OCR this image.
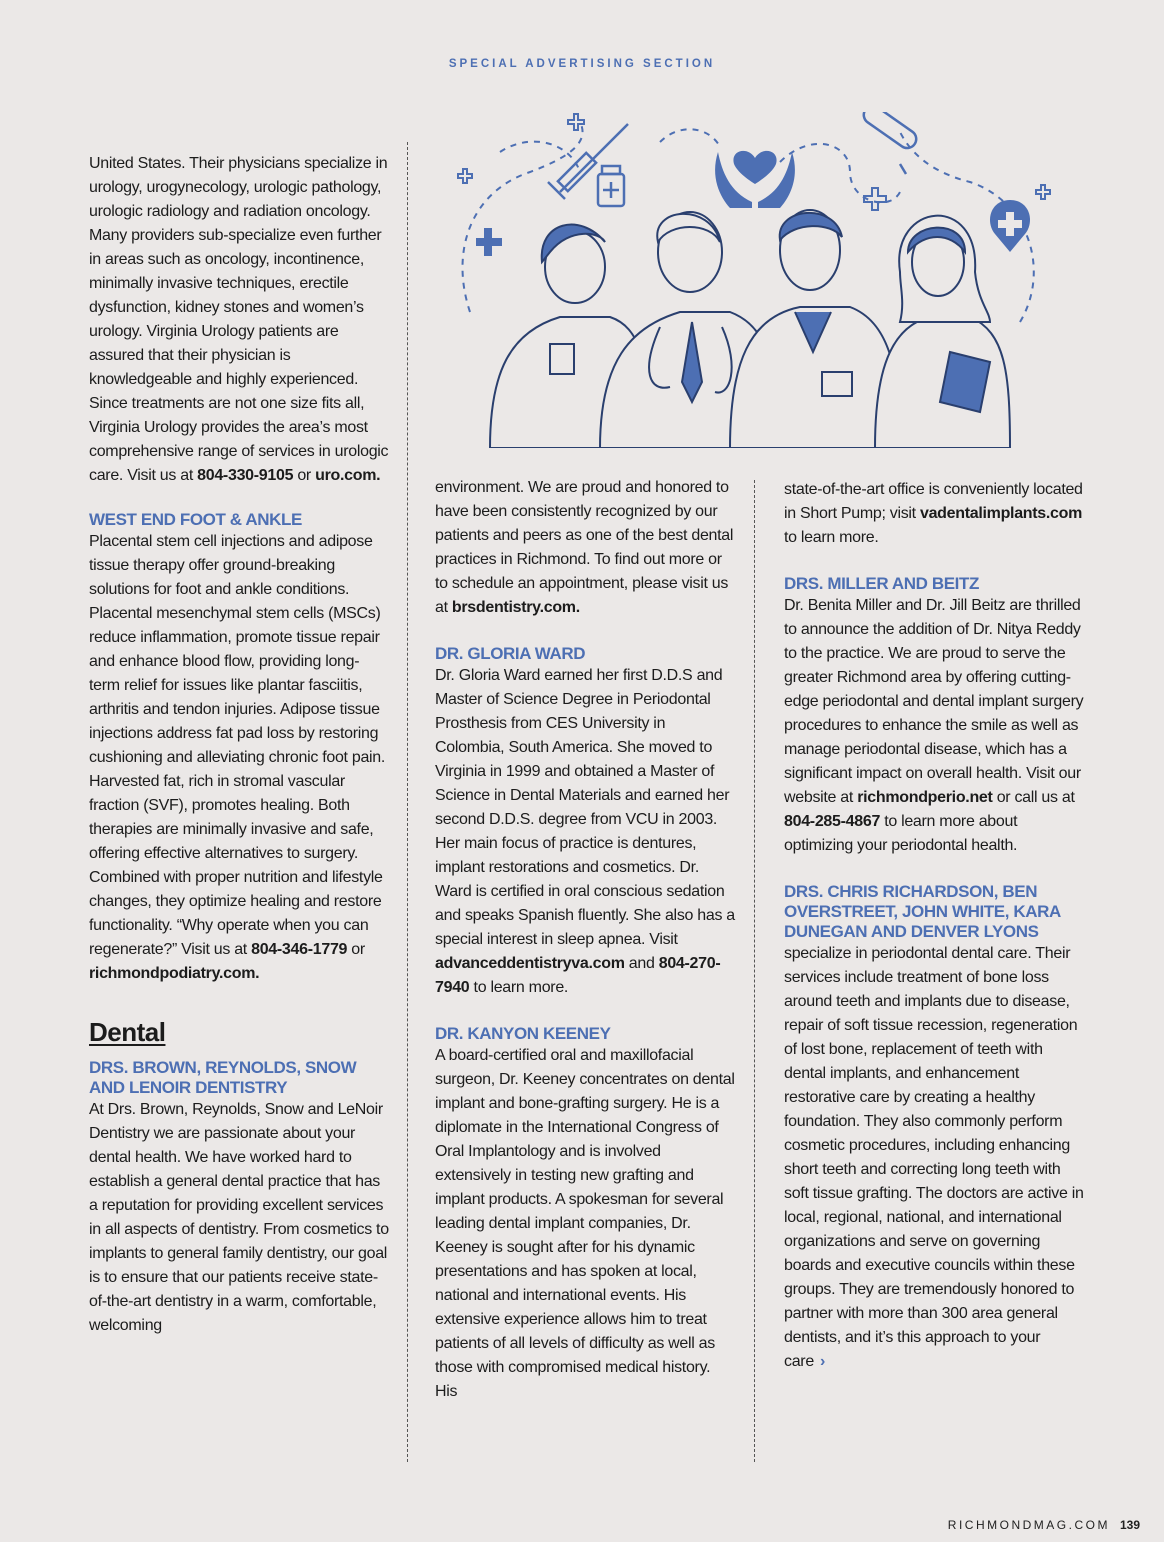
SPECIAL ADVERTISING SECTION

United States. Their physicians specialize in urology, urogynecology, urologic pathology, urologic radiology and radiation oncology. Many providers sub-specialize even further in areas such as oncology, incontinence, minimally invasive techniques, erectile dysfunction, kidney stones and women’s urology. Virginia Urology patients are assured that their physician is knowledgeable and highly experienced. Since treatments are not one size fits all, Virginia Urology provides the area’s most comprehensive range of services in urologic care. Visit us at 804-330-9105 or uro.com.

WEST END FOOT & ANKLE

Placental stem cell injections and adipose tissue therapy offer ground-breaking solutions for foot and ankle conditions. Placental mesenchymal stem cells (MSCs) reduce inflammation, promote tissue repair and enhance blood flow, providing long-term relief for issues like plantar fasciitis, arthritis and tendon injuries. Adipose tissue injections address fat pad loss by restoring cushioning and alleviating chronic foot pain. Harvested fat, rich in stromal vascular fraction (SVF), promotes healing. Both therapies are minimally invasive and safe, offering effective alternatives to surgery. Combined with proper nutrition and lifestyle changes, they optimize healing and restore functionality. “Why operate when you can regenerate?” Visit us at 804-346-1779 or richmondpodiatry.com.

Dental
DRS. BROWN, REYNOLDS, SNOW AND LENOIR DENTISTRY

At Drs. Brown, Reynolds, Snow and LeNoir Dentistry we are passionate about your dental health. We have worked hard to establish a general dental practice that has a reputation for providing excellent services in all aspects of dentistry. From cosmetics to implants to general family dentistry, our goal is to ensure that our patients receive state-of-the-art dentistry in a warm, comfortable, welcoming

environment. We are proud and honored to have been consistently recognized by our patients and peers as one of the best dental practices in Richmond. To find out more or to schedule an appointment, please visit us at brsdentistry.com.

DR. GLORIA WARD

Dr. Gloria Ward earned her first D.D.S and Master of Science Degree in Periodontal Prosthesis from CES University in Colombia, South America. She moved to Virginia in 1999 and obtained a Master of Science in Dental Materials and earned her second D.D.S. degree from VCU in 2003. Her main focus of practice is dentures, implant restorations and cosmetics. Dr. Ward is certified in oral conscious sedation and speaks Spanish fluently. She also has a special interest in sleep apnea. Visit advanceddentistryva.com and 804-270-7940 to learn more.

DR. KANYON KEENEY

A board-certified oral and maxillofacial surgeon, Dr. Keeney concentrates on dental implant and bone-grafting surgery. He is a diplomate in the International Congress of Oral Implantology and is involved extensively in testing new grafting and implant products. A spokesman for several leading dental implant companies, Dr. Keeney is sought after for his dynamic presentations and has spoken at local, national and international events. His extensive experience allows him to treat patients of all levels of difficulty as well as those with compromised medical history. His

state-of-the-art office is conveniently located in Short Pump; visit vadentalimplants.com to learn more.

DRS. MILLER AND BEITZ

Dr. Benita Miller and Dr. Jill Beitz are thrilled to announce the addition of Dr. Nitya Reddy to the practice. We are proud to serve the greater Richmond area by offering cutting-edge periodontal and dental implant surgery procedures to enhance the smile as well as manage periodontal disease, which has a significant impact on overall health. Visit our website at richmondperio.net or call us at 804-285-4867 to learn more about optimizing your periodontal health.

DRS. CHRIS RICHARDSON, BEN OVERSTREET, JOHN WHITE, KARA DUNEGAN AND DENVER LYONS

specialize in periodontal dental care. Their services include treatment of bone loss around teeth and implants due to disease, repair of soft tissue recession, regeneration of lost bone, replacement of teeth with dental implants, and enhancement restorative care by creating a healthy foundation. They also commonly perform cosmetic procedures, including enhancing short teeth and correcting long teeth with soft tissue grafting. The doctors are active in local, regional, national, and international organizations and serve on governing boards and executive councils within these groups. They are tremendously honored to partner with more than 300 area general dentists, and it’s this approach to your care ›

RICHMONDMAG.COM 139
